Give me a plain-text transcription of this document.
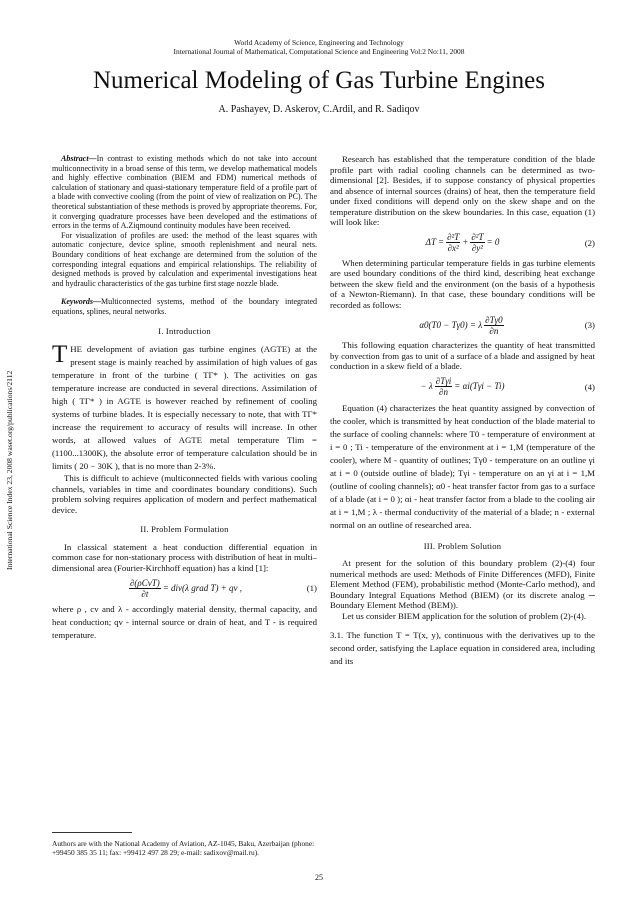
World Academy of Science, Engineering and Technology
International Journal of Mathematical, Computational Science and Engineering Vol:2 No:11, 2008
Numerical Modeling of Gas Turbine Engines
A. Pashayev, D. Askerov, C.Ardil, and R. Sadiqov
International Science Index 23, 2008 waset.org/publications/2112

Abstract—In contrast to existing methods which do not take into account multiconnectivity in a broad sense of this term, we develop mathematical models and highly effective combination (BIEM and FDM) numerical methods of calculation of stationary and quasi-stationary temperature field of a profile part of a blade with convective cooling (from the point of view of realization on PC). The theoretical substantiation of these methods is proved by appropriate theorems. For, it converging quadrature processes have been developed and the estimations of errors in the terms of A.Ziqmound continuity modules have been received.

For visualization of profiles are used: the method of the least squares with automatic conjecture, device spline, smooth replenishment and neural nets. Boundary conditions of heat exchange are determined from the solution of the corresponding integral equations and empirical relationships. The reliability of designed methods is proved by calculation and experimental investigations heat and hydraulic characteristics of the gas turbine first stage nozzle blade.

Keywords—Multiconnected systems, method of the boundary integrated equations, splines, neural networks.

I. Introduction

THE development of aviation gas turbine engines (AGTE) at the present stage is mainly reached by assimilation of high values of gas temperature in front of the turbine ( TΓ* ). The activities on gas temperature increase are conducted in several directions. Assimilation of high ( TΓ* ) in AGTE is however reached by refinement of cooling systems of turbine blades. It is especially necessary to note, that with TΓ* increase the requirement to accuracy of results will increase. In other words, at allowed values of AGTE metal temperature Tlim = (1100...1300K), the absolute error of temperature calculation should be in limits ( 20 − 30K ), that is no more than 2-3%.

This is difficult to achieve (multiconnected fields with various cooling channels, variables in time and coordinates boundary conditions). Such problem solving requires application of modern and perfect mathematical device.

II. Problem Formulation

In classical statement a heat conduction differential equation in common case for non-stationary process with distribution of heat in multi–dimensional area (Fourier-Kirchhoff equation) has a kind [1]:

$\frac{\text{∂(ρCvT)}}{\partial t} = div(\lambda$ grad T) + qv ,	(1)

where ρ , cv and λ - accordingly material density, thermal capacity, and heat conduction; qv - internal source or drain of heat, and T - is required temperature.

Authors are with the National Academy of Aviation, AZ-1045, Baku, Azerbaijan (phone: +99450 385 35 11; fax: +99412 497 28 29; e-mail: sadixov@mail.ru).

Research has established that the temperature condition of the blade profile part with radial cooling channels can be determined as two-dimensional [2]. Besides, if to suppose constancy of physical properties and absence of internal sources (drains) of heat, then the temperature field under fixed conditions will depend only on the skew shape and on the temperature distribution on the skew boundaries. In this case, equation (1) will look like:

$\Delta T = \frac{\text{∂²T}}{\text{∂x²}} + \frac{\text{∂²T}}{\text{∂y²}} = 0$	(2)

When determining particular temperature fields in gas turbine elements are used boundary conditions of the third kind, describing heat exchange between the skew field and the environment (on the basis of a hypothesis of a Newton-Riemann). In that case, these boundary conditions will be recorded as follows:

α0(T0 − Tγ0) = λ $\frac{\partial T\gamma 0}{\partial n}$	(3)

This following equation characterizes the quantity of heat transmitted by convection from gas to unit of a surface of a blade and assigned by heat conduction in a skew field of a blade.

− λ $\frac{\text{∂Tγi}}{\partial n} = \alpha i(T\gamma i - Ti)$	(4)

Equation (4) characterizes the heat quantity assigned by convection of the cooler, which is transmitted by heat conduction of the blade material to the surface of cooling channels: where T0 - temperature of environment at i = 0 ; Ti - temperature of the environment at i = 1,M (temperature of the cooler), where M - quantity of outlines; Tγ0 - temperature on an outline γi at i = 0 (outside outline of blade); Tγi - temperature on an γi at i = 1,M (outline of cooling channels); α0 - heat transfer factor from gas to a surface of a blade (at i = 0 ); αi - heat transfer factor from a blade to the cooling air at i = 1,M ; λ - thermal conductivity of the material of a blade; n - external normal on an outline of researched area.

III. Problem Solution

At present for the solution of this boundary problem (2)-(4) four numerical methods are used: Methods of Finite Differences (MFD), Finite Element Method (FEM), probabilistic method (Monte-Carlo method), and Boundary Integral Equations Method (BIEM) (or its discrete analog ─ Boundary Element Method (BEM)).

Let us consider BIEM application for the solution of problem (2)-(4).

3.1. The function T = T(x, y), continuous with the derivatives up to the second order, satisfying the Laplace equation in considered area, including and its

25
